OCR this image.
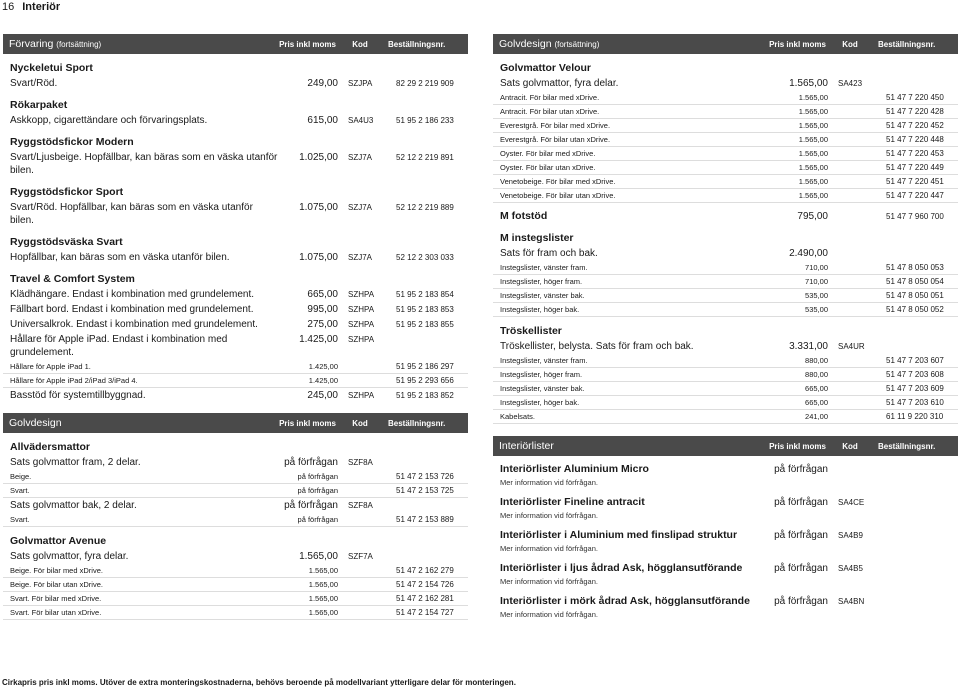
16 Interiör
Förvaring (fortsättning)	Pris inkl moms	Kod	Beställningsnr.
Nyckeletui Sport
Svart/Röd.	249,00	SZJPA	82 29 2 219 909
Rökarpaket
Askkopp, cigarettändare och förvaringsplats.	615,00	SA4U3	51 95 2 186 233
Ryggstödsfickor Modern
Svart/Ljusbeige. Hopfällbar, kan bäras som en väska utanför bilen.
1.025,00	SZJ7A	52 12 2 219 891
Ryggstödsfickor Sport
Svart/Röd. Hopfällbar, kan bäras som en väska utanför bilen.
1.075,00	SZJ7A	52 12 2 219 889
Ryggstödsväska Svart
Hopfällbar, kan bäras som en väska utanför bilen.	1.075,00	SZJ7A	52 12 2 303 033
Travel & Comfort System
Klädhängare. Endast i kombination med grundelement.	665,00	SZHPA	51 95 2 183 854
Fällbart bord. Endast i kombination med grundelement.	995,00	SZHPA	51 95 2 183 853
Universalkrok. Endast i kombination med grundelement.	275,00	SZHPA	51 95 2 183 855
Hållare för Apple iPad. Endast i kombination med grundelement.
1.425,00	SZHPA
Hållare för Apple iPad 1.	1.425,00	51 95 2 186 297
Hållare för Apple iPad 2/iPad 3/iPad 4.	1.425,00	51 95 2 293 656
Basstöd för systemtillbyggnad.	245,00	SZHPA	51 95 2 183 852
Golvdesign	Pris inkl moms	Kod	Beställningsnr.
Allvädersmattor
Sats golvmattor fram, 2 delar.	på förfrågan	SZF8A
Beige.	på förfrågan	51 47 2 153 726
Svart.	på förfrågan	51 47 2 153 725
Sats golvmattor bak, 2 delar.	på förfrågan	SZF8A
Svart.	på förfrågan	51 47 2 153 889
Golvmattor Avenue
Sats golvmattor, fyra delar.	1.565,00	SZF7A
Beige. För bilar med xDrive.	1.565,00	51 47 2 162 279
Beige. För bilar utan xDrive.	1.565,00	51 47 2 154 726
Svart. För bilar med xDrive.	1.565,00	51 47 2 162 281
Svart. För bilar utan xDrive.	1.565,00	51 47 2 154 727
Golvdesign (fortsättning)	Pris inkl moms	Kod	Beställningsnr.
Golvmattor Velour
Sats golvmattor, fyra delar.	1.565,00	SA423
Antracit. För bilar med xDrive.	1.565,00	51 47 7 220 450
Antracit. För bilar utan xDrive.	1.565,00	51 47 7 220 428
Everestgrå. För bilar med xDrive.	1.565,00	51 47 7 220 452
Everestgrå. För bilar utan xDrive.	1.565,00	51 47 7 220 448
Oyster. För bilar med xDrive.	1.565,00	51 47 7 220 453
Oyster. För bilar utan xDrive.	1.565,00	51 47 7 220 449
Venetobeige. För bilar med xDrive.	1.565,00	51 47 7 220 451
Venetobeige. För bilar utan xDrive.	1.565,00	51 47 7 220 447
M fotstöd	795,00	51 47 7 960 700
M instegslister
Sats för fram och bak.	2.490,00
Instegslister, vänster fram.	710,00	51 47 8 050 053
Instegslister, höger fram.	710,00	51 47 8 050 054
Instegslister, vänster bak.	535,00	51 47 8 050 051
Instegslister, höger bak.	535,00	51 47 8 050 052
Tröskellister
Tröskellister, belysta. Sats för fram och bak.	3.331,00	SA4UR
Instegslister, vänster fram.	880,00	51 47 7 203 607
Instegslister, höger fram.	880,00	51 47 7 203 608
Instegslister, vänster bak.	665,00	51 47 7 203 609
Instegslister, höger bak.	665,00	51 47 7 203 610
Kabelsats.	241,00	61 11 9 220 310
Interiörlister	Pris inkl moms	Kod	Beställningsnr.
Interiörlister Aluminium Micro	på förfrågan
Mer information vid förfrågan.
Interiörlister Fineline antracit	på förfrågan	SA4CE
Mer information vid förfrågan.
Interiörlister i Aluminium med finslipad struktur	på förfrågan	SA4B9
Mer information vid förfrågan.
Interiörlister i ljus ådrad Ask, högglansutförande	på förfrågan	SA4B5
Mer information vid förfrågan.
Interiörlister i mörk ådrad Ask, högglansutförande	på förfrågan	SA4BN
Mer information vid förfrågan.
Cirkapris pris inkl moms. Utöver de extra monteringskostnaderna, behövs beroende på modellvariant ytterligare delar för monteringen.
